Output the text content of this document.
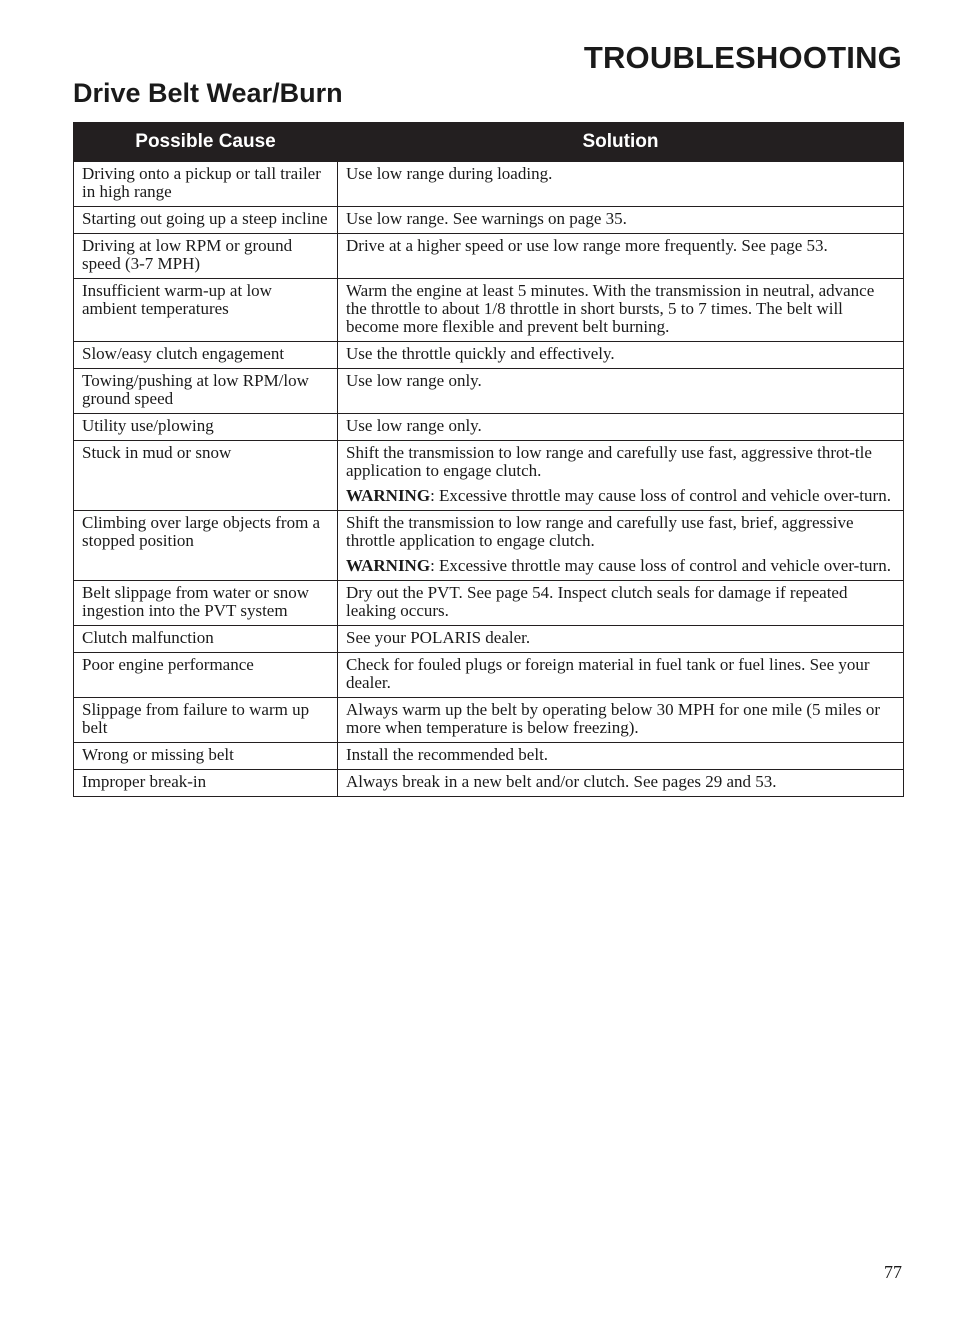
TROUBLESHOOTING
Drive Belt Wear/Burn
Possible Cause	Solution
Driving onto a pickup or tall trailer in high range	Use low range during loading.
Starting out going up a steep incline	Use low range. See warnings on page 35.
Driving at low RPM or ground speed (3-7 MPH)	Drive at a higher speed or use low range more frequently. See page 53.
Insufficient warm-up at low ambient temperatures	Warm the engine at least 5 minutes. With the transmission in neutral, advance the throttle to about 1/8 throttle in short bursts, 5 to 7 times. The belt will become more flexible and prevent belt burning.
Slow/easy clutch engagement	Use the throttle quickly and effectively.
Towing/pushing at low RPM/low ground speed	Use low range only.
Utility use/plowing	Use low range only.
Stuck in mud or snow	Shift the transmission to low range and carefully use fast, aggressive throt-tle application to engage clutch.
WARNING: Excessive throttle may cause loss of control and vehicle over-turn.

Climbing over large objects from a stopped position	Shift the transmission to low range and carefully use fast, brief, aggressive throttle application to engage clutch.
WARNING: Excessive throttle may cause loss of control and vehicle over-turn.

Belt slippage from water or snow ingestion into the PVT system	Dry out the PVT. See page 54. Inspect clutch seals for damage if repeated leaking occurs.
Clutch malfunction	See your POLARIS dealer.
Poor engine performance	Check for fouled plugs or foreign material in fuel tank or fuel lines. See your dealer.
Slippage from failure to warm up belt	Always warm up the belt by operating below 30 MPH for one mile (5 miles or more when temperature is below freezing).
Wrong or missing belt	Install the recommended belt.
Improper break-in	Always break in a new belt and/or clutch. See pages 29 and 53.
77
